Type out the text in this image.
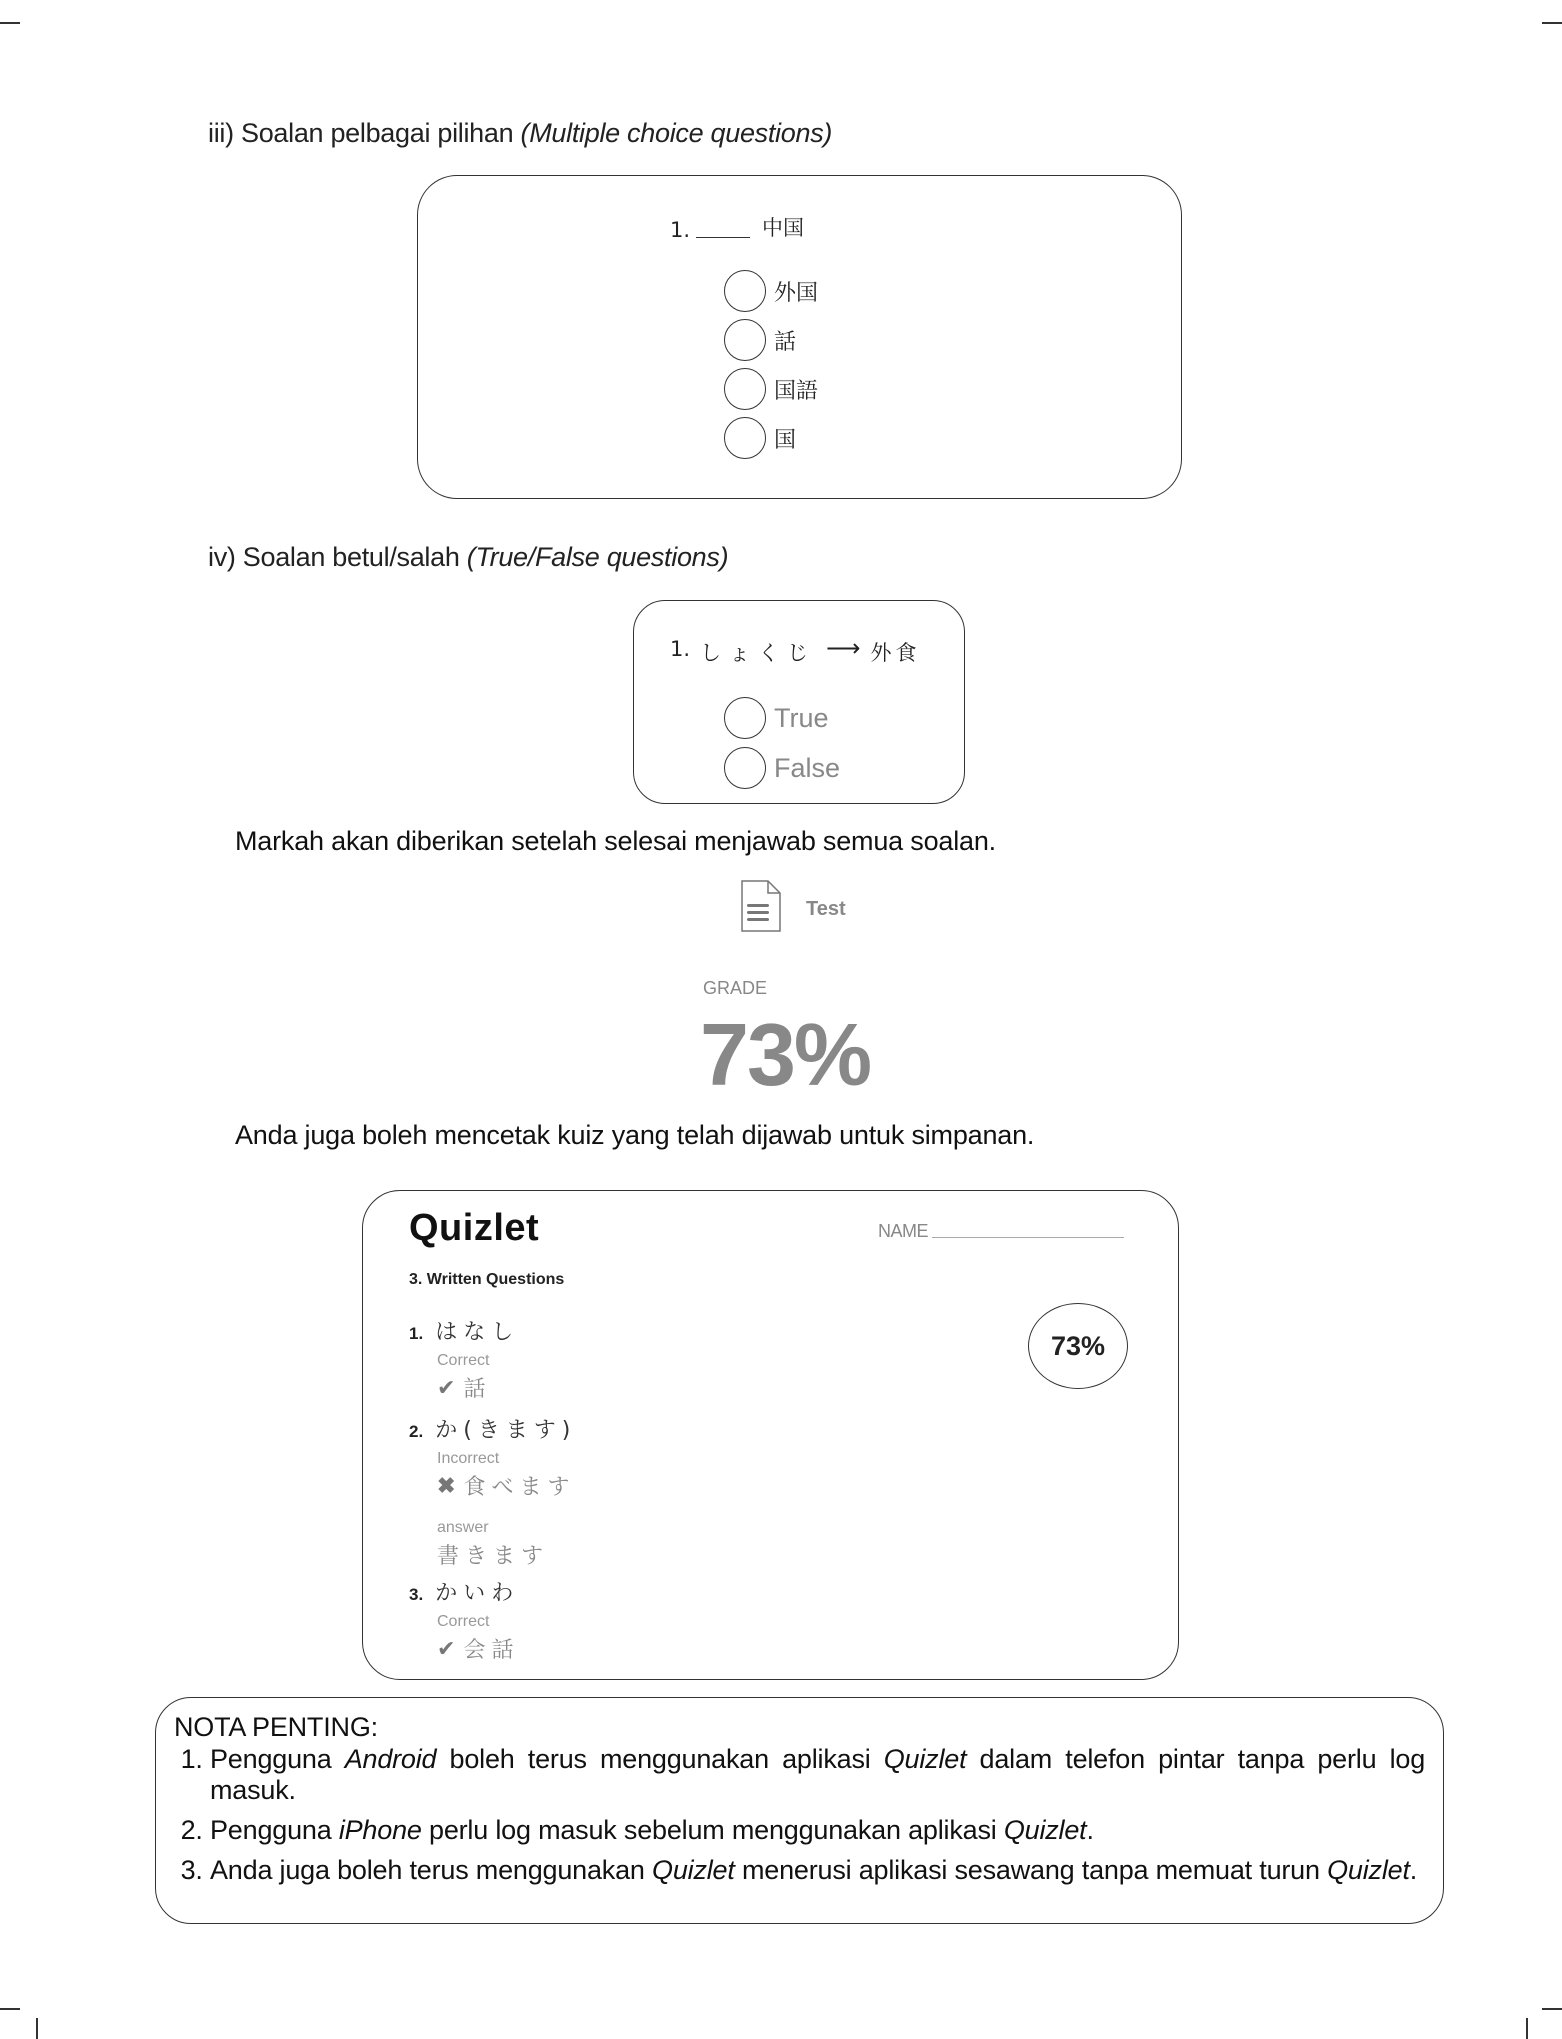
iii) Soalan pelbagai pilihan (Multiple choice questions)
1.	中国
外国
話
国語
国
iv) Soalan betul/salah (True/False questions)
1. しょくじ ⟶ 外食
True
False
Markah akan diberikan setelah selesai menjawab semua soalan.
Test
GRADE
73%
Anda juga boleh mencetak kuiz yang telah dijawab untuk simpanan.
Quizlet	NAME
3. Written Questions
73%
1. はなし
Correct
✔ 話
2. か(きます)
Incorrect
✖ 食べます
answer
書きます
3. かいわ
Correct
✔ 会話
NOTA PENTING:
1. Pengguna Android boleh terus menggunakan aplikasi Quizlet dalam telefon pintar tanpa perlu log masuk.
2. Pengguna iPhone perlu log masuk sebelum menggunakan aplikasi Quizlet.
3. Anda juga boleh terus menggunakan Quizlet menerusi aplikasi sesawang tanpa memuat turun Quizlet.
